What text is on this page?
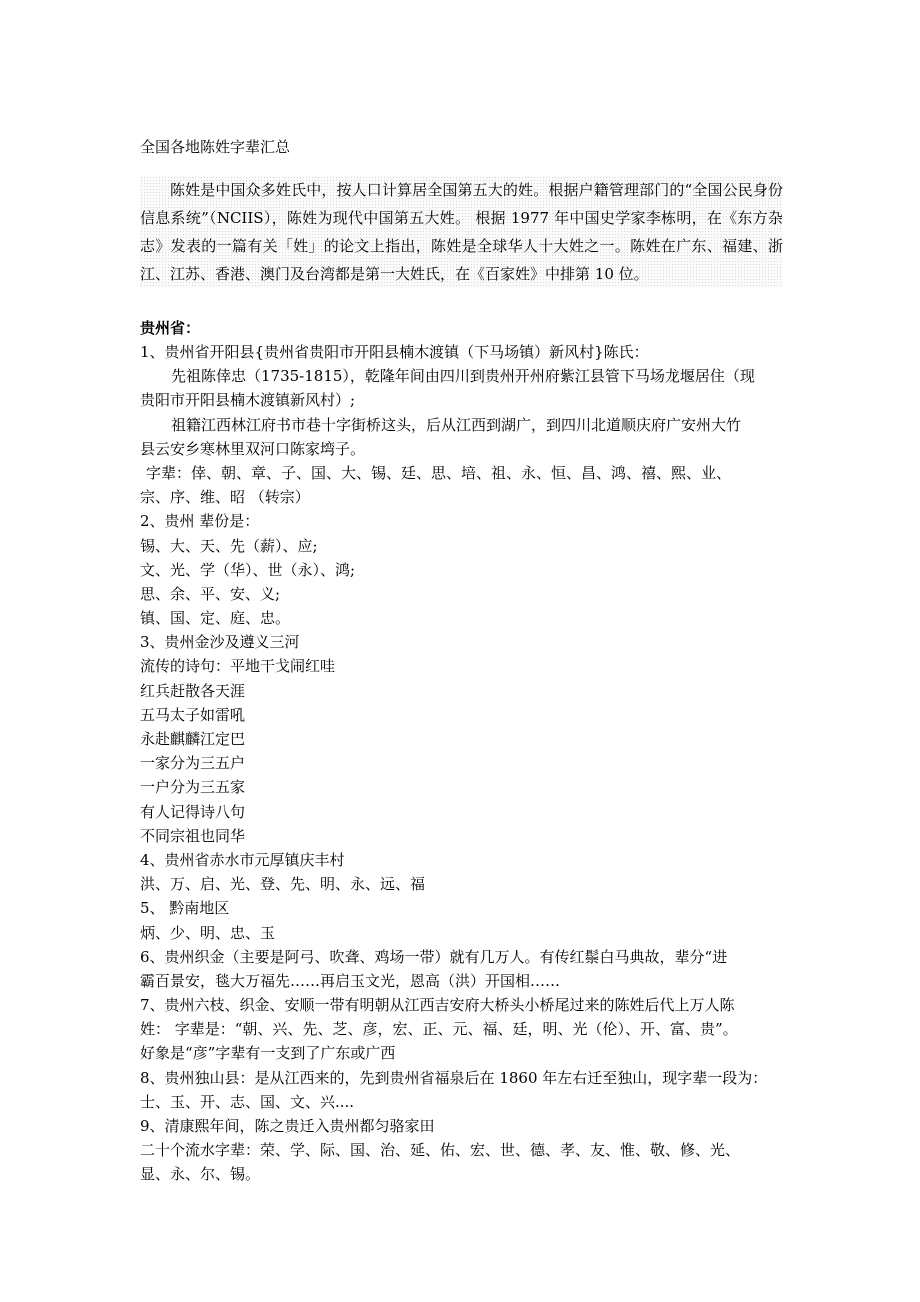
全国各地陈姓字辈汇总

陈姓是中国众多姓氏中，按人口计算居全国第五大的姓。根据户籍管理部门的“全国公民身份信息系统”（NCIIS），陈姓为现代中国第五大姓。 根据 1977 年中国史学家李栋明，在《东方杂志》发表的一篇有关「姓」的论文上指出，陈姓是全球华人十大姓之一。陈姓在广东、福建、浙江、江苏、香港、澳门及台湾都是第一大姓氏，在《百家姓》中排第 10 位。

贵州省：
1、贵州省开阳县{贵州省贵阳市开阳县楠木渡镇（下马场镇）新风村}陈氏：
先祖陈倖忠（1735-1815），乾隆年间由四川到贵州开州府紫江县管下马场龙堰居住（现
贵阳市开阳县楠木渡镇新风村）;
祖籍江西林江府书市巷十字街桥这头，后从江西到湖广，到四川北道顺庆府广安州大竹
县云安乡寒林里双河口陈家塆子。
字辈：倖、朝、章、子、国、大、锡、廷、思、培、祖、永、恒、昌、鸿、禧、熙、业、
宗、序、维、昭 （转宗）
2、贵州 辈份是：
锡、大、天、先（薪）、应;
文、光、学（华）、世（永）、鸿;
思、余、平、安、义;
镇、国、定、庭、忠。
3、贵州金沙及遵义三河
流传的诗句：平地干戈闹红哇
红兵赶散各天涯
五马太子如雷吼
永赴麒麟江定巴
一家分为三五户
一户分为三五家
有人记得诗八句
不同宗祖也同华
4、贵州省赤水市元厚镇庆丰村
洪、万、启、光、登、先、明、永、远、福
5、 黔南地区
炳、少、明、忠、玉
6、贵州织金（主要是阿弓、吹聋、鸡场一带）就有几万人。有传红鬃白马典故，辈分“进
霸百景安，毯大万福先……再启玉文光，恩高（洪）开国相……
7、贵州六枝、织金、安顺一带有明朝从江西吉安府大桥头小桥尾过来的陈姓后代上万人陈
姓： 字辈是：“朝、兴、先、芝、彦，宏、正、元、福、廷，明、光（伦）、开、富、贵”。
好象是“彦”字辈有一支到了广东或广西
8、贵州独山县：是从江西来的，先到贵州省福泉后在 1860 年左右迁至独山，现字辈一段为：
士、玉、开、志、国、文、兴....
9、清康熙年间，陈之贵迁入贵州都匀骆家田
二十个流水字辈：荣、学、际、国、治、延、佑、宏、世、德、孝、友、惟、敬、修、光、
显、永、尔、锡。
